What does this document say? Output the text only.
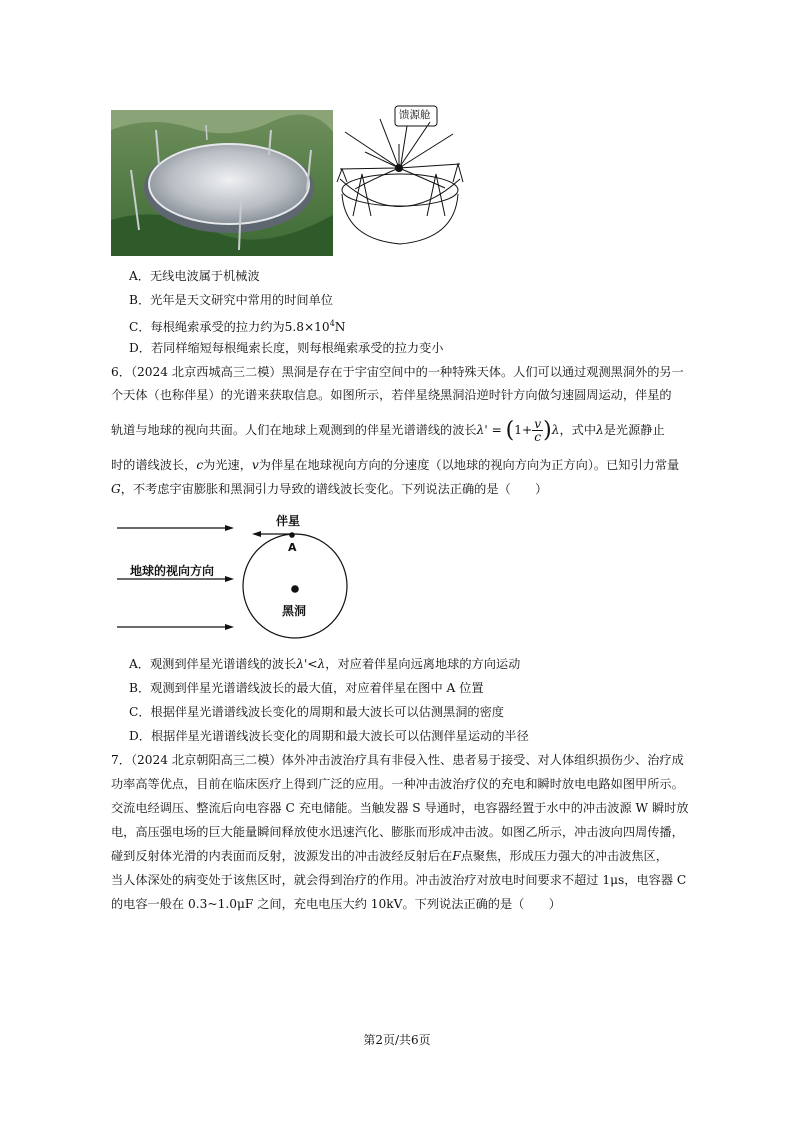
馈源舱
A．无线电波属于机械波
B．光年是天文研究中常用的时间单位
C．每根绳索承受的拉力约为$5.8\times 10^4N$
D．若同样缩短每根绳索长度，则每根绳索承受的拉力变小
6．（2024 北京西城高三二模）黑洞是存在于宇宙空间中的一种特殊天体。人们可以通过观测黑洞外的另一
个天体（也称伴星）的光谱来获取信息。如图所示，若伴星绕黑洞沿逆时针方向做匀速圆周运动，伴星的
轨道与地球的视向共面。人们在地球上观测到的伴星光谱谱线的波长$\lambda' = (1+ \frac{v}{c} )\lambda$，式中λ是光源静止
时的谱线波长，c为光速，v为伴星在地球视向方向的分速度（以地球的视向方向为正方向）。已知引力常量
G，不考虑宇宙膨胀和黑洞引力导致的谱线波长变化。下列说法正确的是（　　）
伴星
A
地球的视向方向
黑洞
A．观测到伴星光谱谱线的波长λ'<λ，对应着伴星向远离地球的方向运动
B．观测到伴星光谱谱线波长的最大值，对应着伴星在图中 A 位置
C．根据伴星光谱谱线波长变化的周期和最大波长可以估测黑洞的密度
D．根据伴星光谱谱线波长变化的周期和最大波长可以估测伴星运动的半径
7．（2024 北京朝阳高三二模）体外冲击波治疗具有非侵入性、患者易于接受、对人体组织损伤少、治疗成
功率高等优点，目前在临床医疗上得到广泛的应用。一种冲击波治疗仪的充电和瞬时放电电路如图甲所示。
交流电经调压、整流后向电容器 C 充电储能。当触发器 S 导通时，电容器经置于水中的冲击波源 W 瞬时放
电，高压强电场的巨大能量瞬间释放使水迅速汽化、膨胀而形成冲击波。如图乙所示，冲击波向四周传播，
碰到反射体光滑的内表面而反射，波源发出的冲击波经反射后在F点聚焦，形成压力强大的冲击波焦区，
当人体深处的病变处于该焦区时，就会得到治疗的作用。冲击波治疗对放电时间要求不超过 1μs，电容器 C
的电容一般在 0.3~1.0μF 之间，充电电压大约 10kV。下列说法正确的是（　　）
第2页/共6页
